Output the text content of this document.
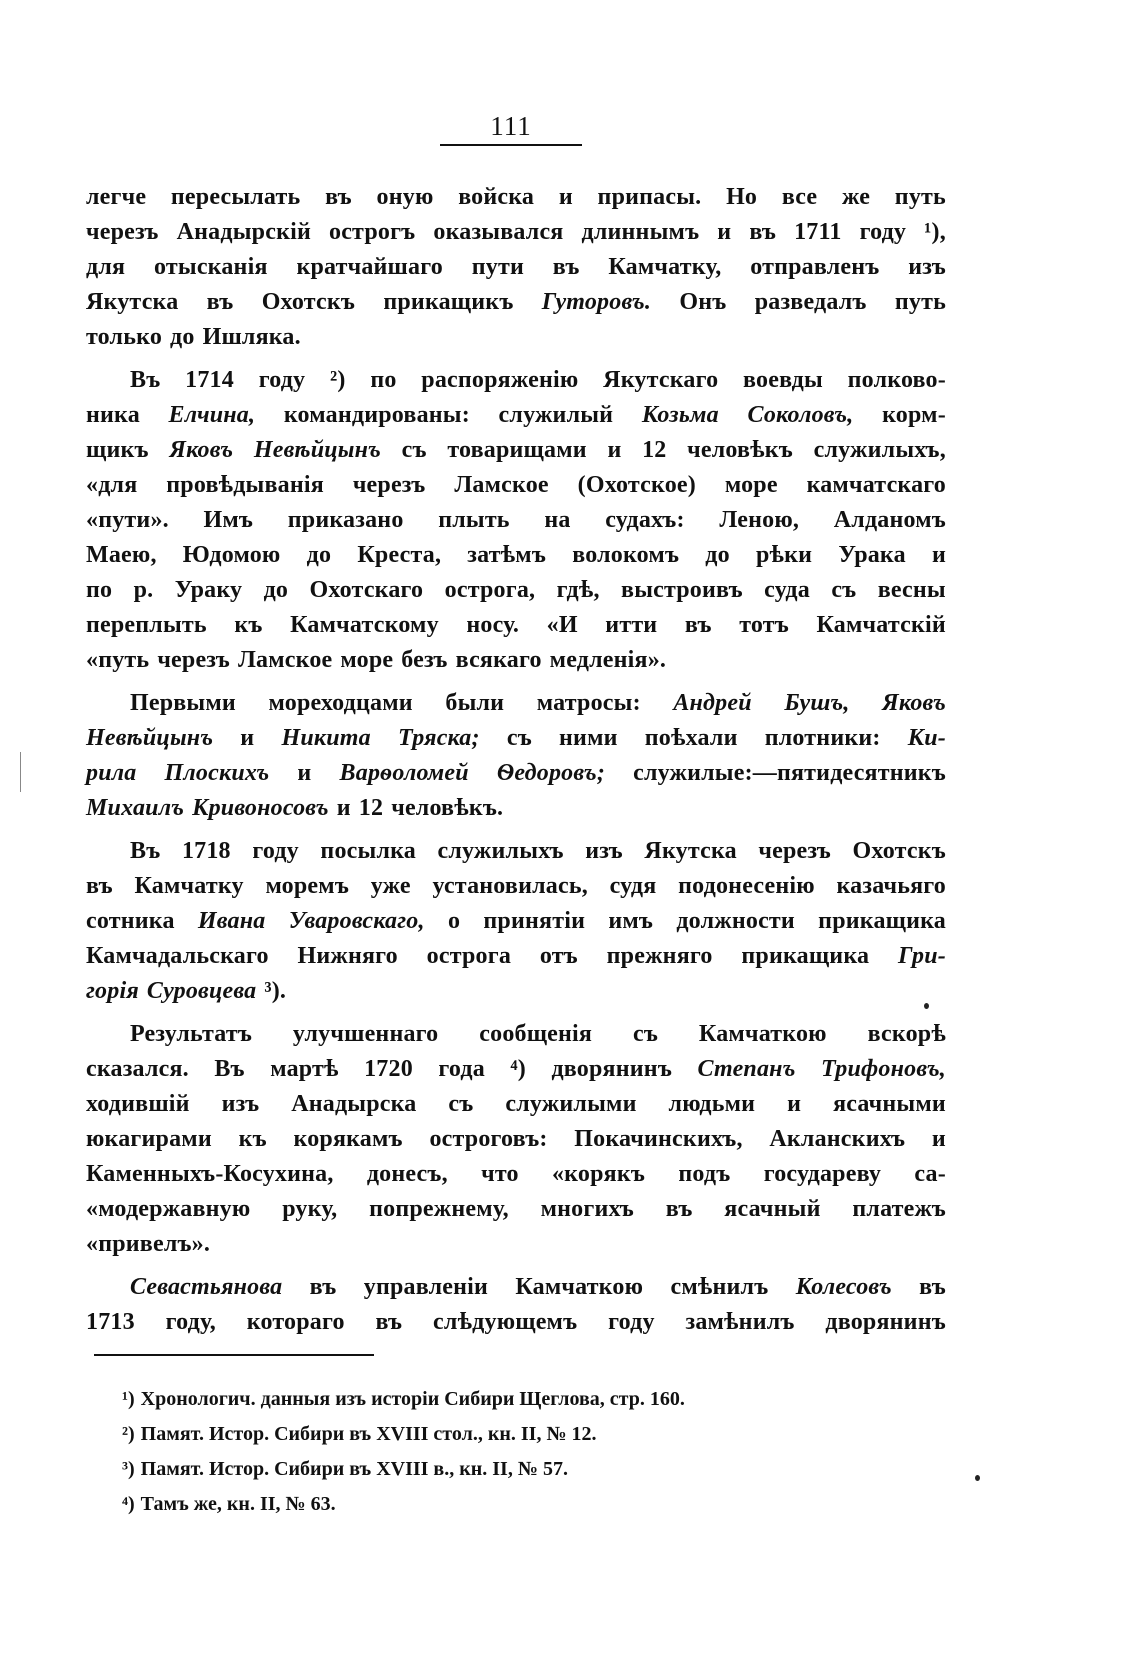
111
легче пересылать въ оную войска и припасы. Но все же путь
черезъ Анадырскій острогъ оказывался длиннымъ и въ 1711 году ¹),
для отысканія кратчайшаго пути въ Камчатку, отправленъ изъ
Якутска въ Охотскъ прикащикъ Гуторовъ. Онъ разведалъ путь
только до Ишляка.
Въ 1714 году ²) по распоряженію Якутскаго воевды полково-
ника Елчина, командированы: служилый Козьма Соколовъ, корм-
щикъ Яковъ Невѣйцынъ съ товарищами и 12 человѣкъ служилыхъ,
«для провѣдыванія черезъ Ламское (Охотское) море камчатскаго
«пути». Имъ приказано плыть на судахъ: Леною, Алданомъ
Маею, Юдомою до Креста, затѣмъ волокомъ до рѣки Урака и
по р. Ураку до Охотскаго острога, гдѣ, выстроивъ суда съ весны
переплыть къ Камчатскому носу. «И итти въ тотъ Камчатскій
«путь черезъ Ламское море безъ всякаго медленія».
Первыми мореходцами были матросы: Андрей Бушъ, Яковъ
Невѣйцынъ и Никита Тряска; съ ними поѣхали плотники: Ки-
рила Плоскихъ и Варѳоломей Ѳедоровъ; служилые:—пятидесятникъ
Михаилъ Кривоносовъ и 12 человѣкъ.
Въ 1718 году посылка служилыхъ изъ Якутска черезъ Охотскъ
въ Камчатку моремъ уже установилась, судя подонесенію казачьяго
сотника Ивана Уваровскаго, о принятіи имъ должности прикащика
Камчадальскаго Нижняго острога отъ прежняго прикащика Гри-
горія Суровцева ³).
Результатъ улучшеннаго сообщенія съ Камчаткою вскорѣ
сказался. Въ мартѣ 1720 года ⁴) дворянинъ Степанъ Трифоновъ,
ходившій изъ Анадырска съ служилыми людьми и ясачными
юкагирами къ корякамъ остроговъ: Покачинскихъ, Акланскихъ и
Каменныхъ-Косухина, донесъ, что «корякъ подъ государеву са-
«модержавную руку, попрежнему, многихъ въ ясачный платежъ
«привелъ».
Севастьянова въ управленіи Камчаткою смѣнилъ Колесовъ въ
1713 году, котораго въ слѣдующемъ году замѣнилъ дворянинъ
¹) Хронологич. данныя изъ исторіи Сибири Щеглова, стр. 160.
²) Памят. Истор. Сибири въ XVIII стол., кн. II, № 12.
³) Памят. Истор. Сибири въ XVIII в., кн. II, № 57.
⁴) Тамъ же, кн. II, № 63.
